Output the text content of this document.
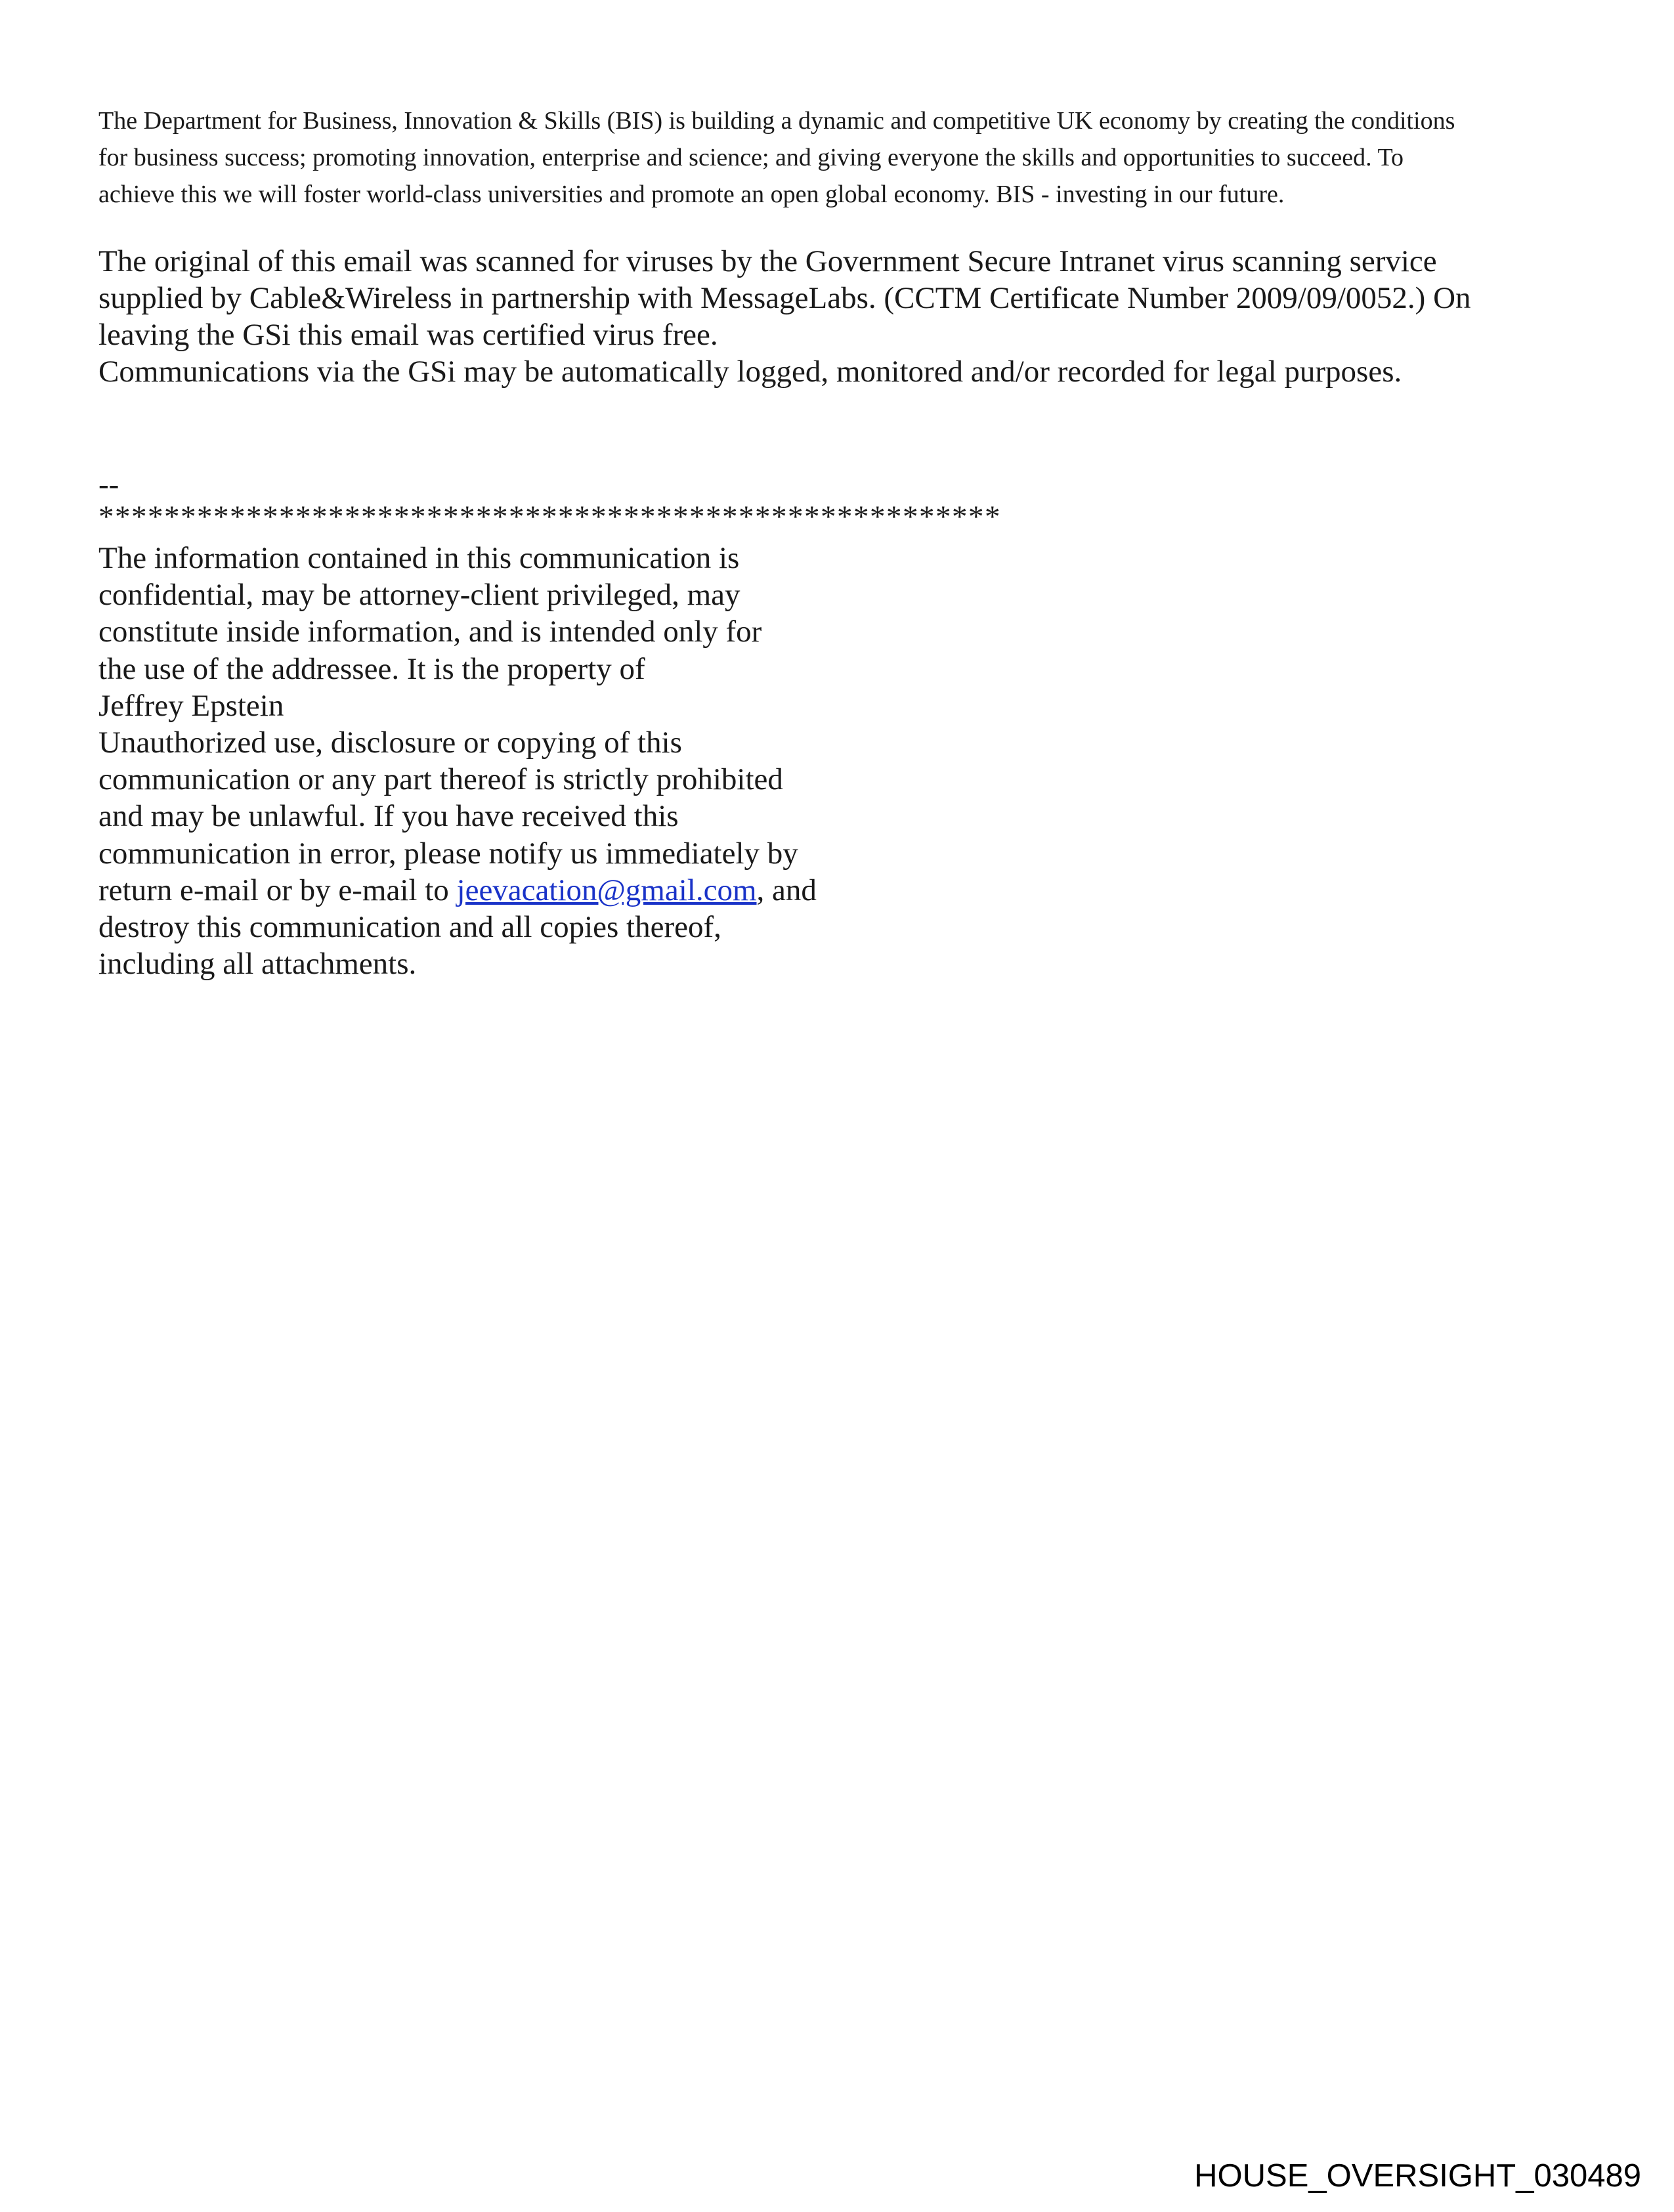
The Department for Business, Innovation & Skills (BIS) is building a dynamic and competitive UK economy by creating the conditions
for business success; promoting innovation, enterprise and science; and giving everyone the skills and opportunities to succeed. To
achieve this we will foster world-class universities and promote an open global economy. BIS - investing in our future.
The original of this email was scanned for viruses by the Government Secure Intranet virus scanning service
supplied by Cable&Wireless in partnership with MessageLabs. (CCTM Certificate Number 2009/09/0052.) On
leaving the GSi this email was certified virus free.
Communications via the GSi may be automatically logged, monitored and/or recorded for legal purposes.
--
*******************************************************
The information contained in this communication is
confidential, may be attorney-client privileged, may
constitute inside information, and is intended only for
the use of the addressee. It is the property of
Jeffrey Epstein
Unauthorized use, disclosure or copying of this
communication or any part thereof is strictly prohibited
and may be unlawful. If you have received this
communication in error, please notify us immediately by
return e-mail or by e-mail to jeevacation@gmail.com, and
destroy this communication and all copies thereof,
including all attachments.
HOUSE_OVERSIGHT_030489
